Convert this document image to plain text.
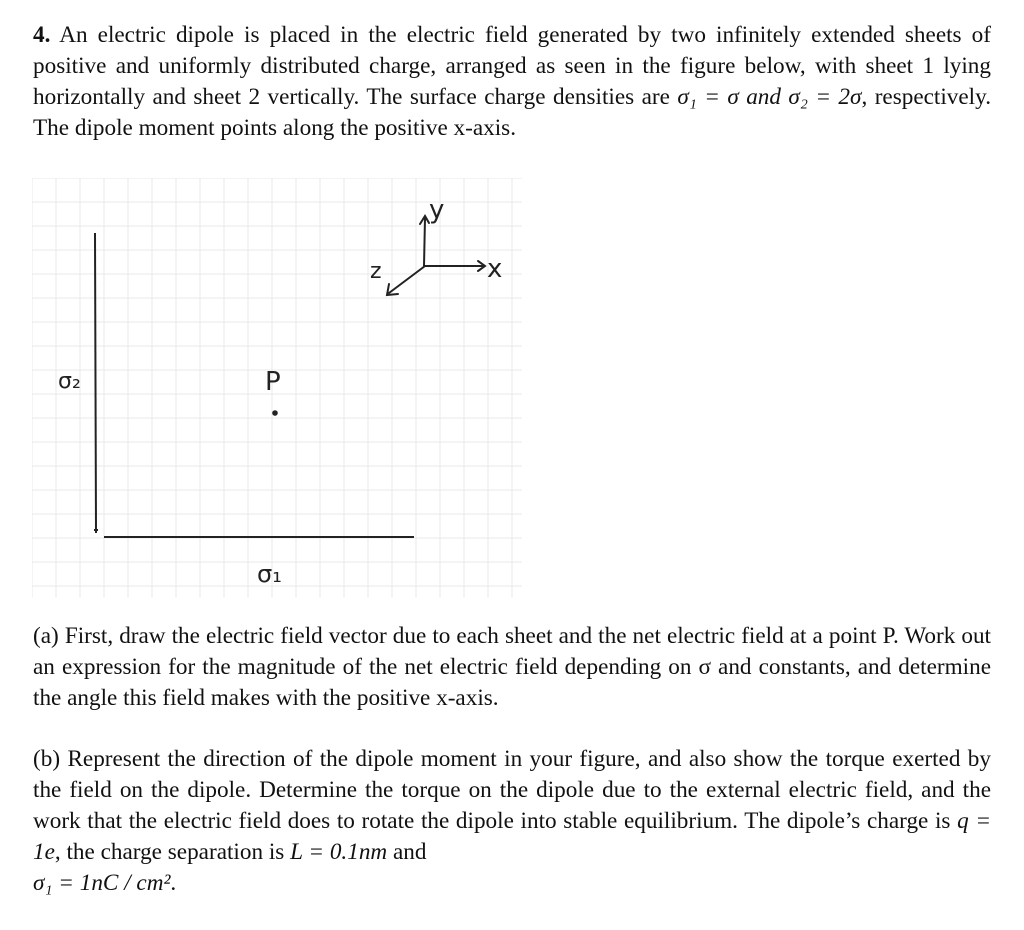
4. An electric dipole is placed in the electric field generated by two infinitely extended sheets of positive and uniformly distributed charge, arranged as seen in the figure below, with sheet 1 lying horizontally and sheet 2 vertically. The surface charge densities are σ₁ = σ and σ₂ = 2σ, respectively. The dipole moment points along the positive x-axis.
y
x
z
P
σ₂
σ₁
(a) First, draw the electric field vector due to each sheet and the net electric field at a point P. Work out an expression for the magnitude of the net electric field depending on σ and constants, and determine the angle this field makes with the positive x-axis.
(b) Represent the direction of the dipole moment in your figure, and also show the torque exerted by the field on the dipole. Determine the torque on the dipole due to the external electric field, and the work that the electric field does to rotate the dipole into stable equilibrium. The dipole’s charge is q = 1e, the charge separation is L = 0.1nm and
σ₁ = 1nC / cm².
